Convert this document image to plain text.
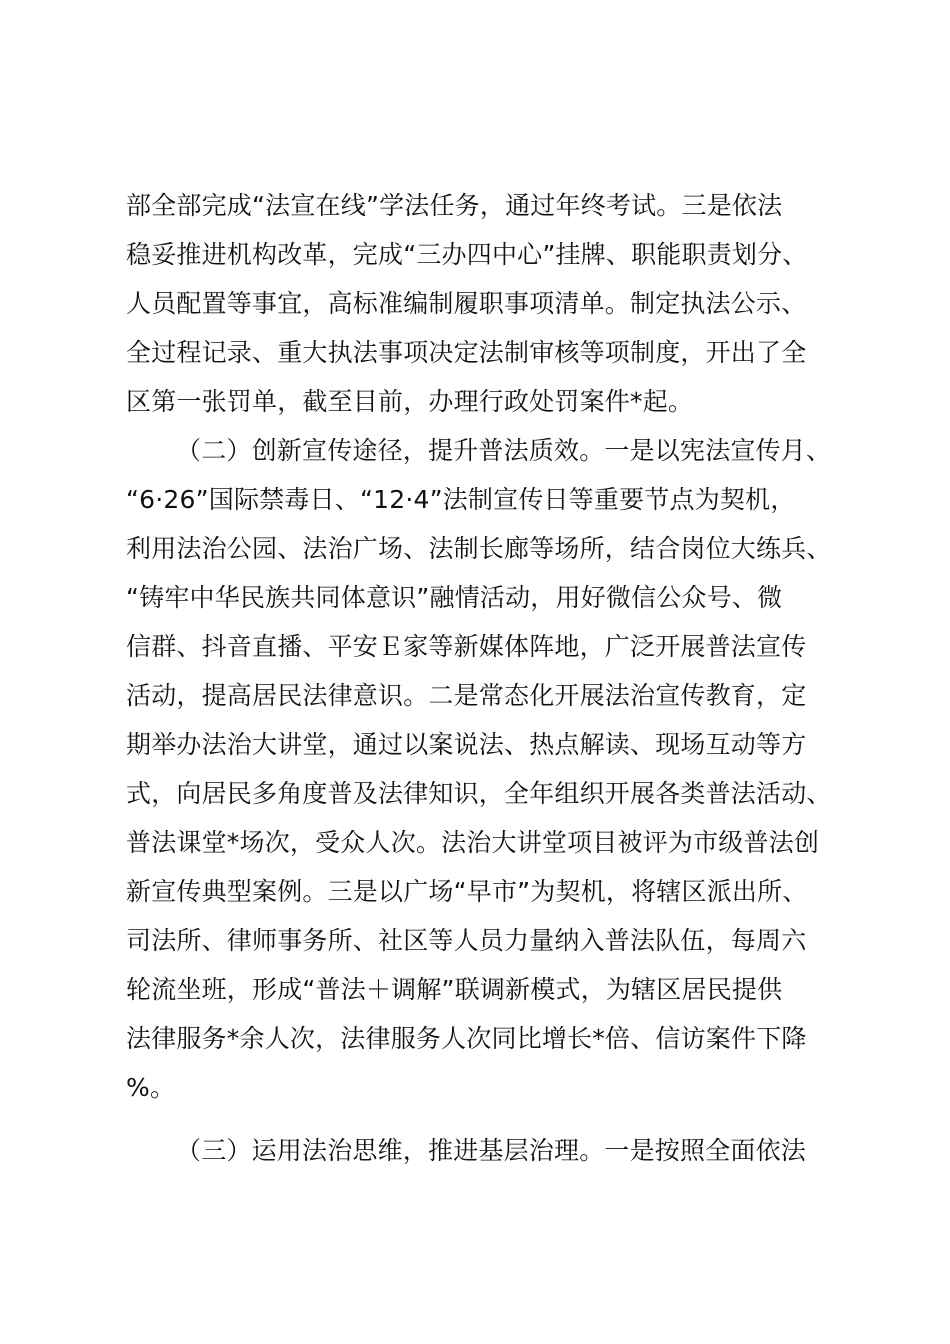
部全部完成“法宣在线”学法任务，通过年终考试。三是依法
稳妥推进机构改革，完成“三办四中心”挂牌、职能职责划分、
人员配置等事宜，高标准编制履职事项清单。制定执法公示、
全过程记录、重大执法事项决定法制审核等项制度，开出了全
区第一张罚单，截至目前，办理行政处罚案件*起。
（二）创新宣传途径，提升普法质效。一是以宪法宣传月、
“6·26”国际禁毒日、“12·4”法制宣传日等重要节点为契机，
利用法治公园、法治广场、法制长廊等场所，结合岗位大练兵、
“铸牢中华民族共同体意识”融情活动，用好微信公众号、微
信群、抖音直播、平安Ｅ家等新媒体阵地，广泛开展普法宣传
活动，提高居民法律意识。二是常态化开展法治宣传教育，定
期举办法治大讲堂，通过以案说法、热点解读、现场互动等方
式，向居民多角度普及法律知识，全年组织开展各类普法活动、
普法课堂*场次，受众人次。法治大讲堂项目被评为市级普法创
新宣传典型案例。三是以广场“早市”为契机，将辖区派出所、
司法所、律师事务所、社区等人员力量纳入普法队伍，每周六
轮流坐班，形成“普法＋调解”联调新模式，为辖区居民提供
法律服务*余人次，法律服务人次同比增长*倍、信访案件下降
%。
（三）运用法治思维，推进基层治理。一是按照全面依法
